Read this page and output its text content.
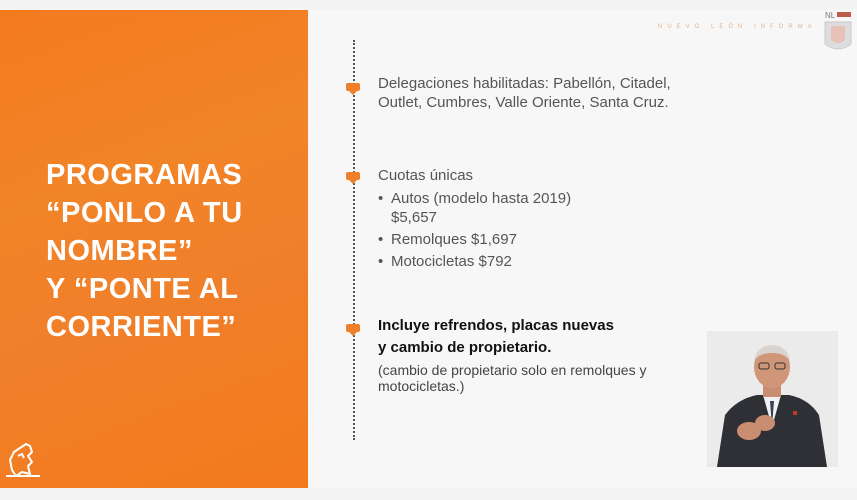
PROGRAMAS
“PONLO A TU
NOMBRE”
Y “PONTE AL
CORRIENTE”
NUEVO LEÓN INFORMA
NL
Delegaciones habilitadas: Pabellón, Citadel,
Outlet, Cumbres, Valle Oriente, Santa Cruz.
Cuotas únicas
• Autos (modelo hasta 2019)
$5,657
• Remolques $1,697
• Motocicletas $792
Incluye refrendos, placas nuevas
y cambio de propietario.
(cambio de propietario solo en remolques y
motocicletas.)
